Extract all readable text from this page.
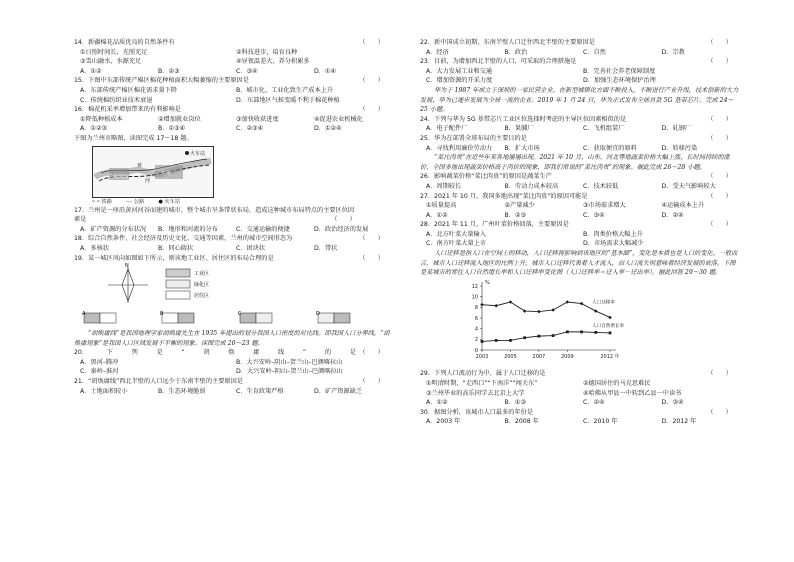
14．新疆棉花品质优良的自然条件有	（　　）
①日照时间长，光照充足	②科技进步，培育良种
③雪山融水，水源充足	④昼夜温差大，养分积累多
A．①②	B．②③	C．③④	D．①④
15．下图中东部传统产棉区棉花种植面积大幅萎缩的主要原因是	（　　）
A．东部传统产棉区棉花需求量下降	B．城市化、工业化致生产成本上升
C．传统棉纺织业技术衰退	D．东部地区气候变暖不利于棉花种植
16．棉花机采率增加带来的有利影响是	（　　）
①降低种植成本	②增加就业岗位	③加快收获进度	④促进农业机械化
A．①②③	B．①③④	C．②③④	D．①②④
下图为兰州市略图，读图完成 17～18 题。
兰州西站
黄
河
兰州
火车站
━ ━ 铁路	── 公路	● 火车站
17．兰州是一座沿黄河河谷而建的城市，整个城市呈条带状布局，造成这种城市布局特点的主要区位因素是	（　　）
A．矿产资源的分布状况	B．地形和河流的分布	C．交通运输的便捷	D．政治经济的发展
18．综合自然条件、社会经济及历史文化、交通等因素，兰州的城市空间形态为	（　　）
A．多核状	B．同心圆状	C．团块状	D．带状
19．某一城区风向如图如下所示，则该地工业区、居住区的布局合理的是	（　　）
N
工业区
绿化区
居住区
A	B	C	D
“胡焕庸线”是我国地理学家胡焕庸先生在 1935 年提出的划分我国人口密度的对比线。即我国人口分界线，“胡焕庸现象”是我国人口区域发展不平衡的现象。读图完成 20～23 题。
20．	下	列	是	“	胡	焕	庸	线	”	的	是 （　　）
A．黑河–腾冲	B．大兴安岭–阴山–贺兰山–巴颜喀拉山
C．秦岭–淮河	D．大兴安岭–阴山–贺兰山–巴颜喀拉山
21．“胡焕庸线”西北半壁的人口远少于东南半壁的主要原因是	（　　）
A．土地面积较小	B．生态环境脆弱	C．生育政策严格	D．矿产资源缺乏
22．新中国成立初期，东南半壁人口迁往西北半壁的主要原因是	（　　）
A．经济	B．政治	C．自然	D．宗教
23．目前，为增加西北半壁的人口，可采取的合理措施是	（　　）
A．大力发展工业和交通	B．完善社会养老保障制度
C．增加资源的开采力度	D．加强生态环境保护治理
华为于 1987 年成立于深圳的一家民营企业。在新型城镇化方面不断投入，不断进行产业升级，技术创新的大力发展，华为已逐步发展为全球一流的企业。2019 年 1 月 24 日，华为正式发布全球首款 5G 基带芯片。完成 24～25 小题。
24．下列与华为 5G 基带芯片工业区位选择时考虑的主导区位因素相似的是	（　　）
A．电子配件厂	B．果脯厂	C．飞机组装厂	D．轧钢厂
25．华为在部署全球布局的主要目的是	（　　）
A．寻找利用廉价劳动力	B．扩大市场	C．获取便宜的原料	D．转移污染
“菜比肉贵”在近些年来各地屡屡出现。2021 年 10 月，山东、河北等地蔬菜价格大幅上涨，长时间持续的涨价，全国多地出现蔬菜价格高于肉价的现象，即我们常说的“菜比肉贵”的现象。据此完成 26～28 小题。
26．影响蔬菜价格“菜比肉贵”的原因是蔬菜生产	（　　）
A．周期较长	B．劳动力成本较高	C．技术较低	D．受天气影响较大
27．2021 年 10 月，我国多地出现“菜比肉贵”的原因可能是	（　　）
①质量提高	②产量减少	③市场需求增大	④运输成本上升
A．①②	B．②③	C．③④	D．②④
28．2021 年 11 月，广州叶菜价格回落，主要原因是	（　　）
A．北方叶菜大量输入	B．肉类价格大幅上升
C．南方叶菜大量上市	D．市场需求大幅减少
人口迁移是指人口在空间上的移动，人口迁移将影响到该地区的“基本面”，变化是本质也是人口的变化。一般而言，城市人口迁移流入地区的比例上升，城市人口迁移代表着人才流入，而人口流失则意味着经济发展的衰落。下图是某城市的常住人口自然增长率和人口迁移率变化图（人口迁移率＝迁入率－迁出率）。据此回答 29～30 题。
0
2
4
6
8
10
12
%
2003	2005	2007	2009	2012 年
人口迁移率
人口自然增长率
29．下列人口流动行为中，属于人口迁移的是	（　　）
①明清时期，“走西口”“下南洋”“闯关东”	②德国居住的马克思难民
③兰州毕业的高乐同学去北京上大学	④哈佛从甲县一中转到乙县一中读书
A．①②	B．①③	C．②④	D．③④
30．据图分析，该城市人口最多的年份是	（　　）
A．2003 年	B．2008 年	C．2010 年	D．2012 年
